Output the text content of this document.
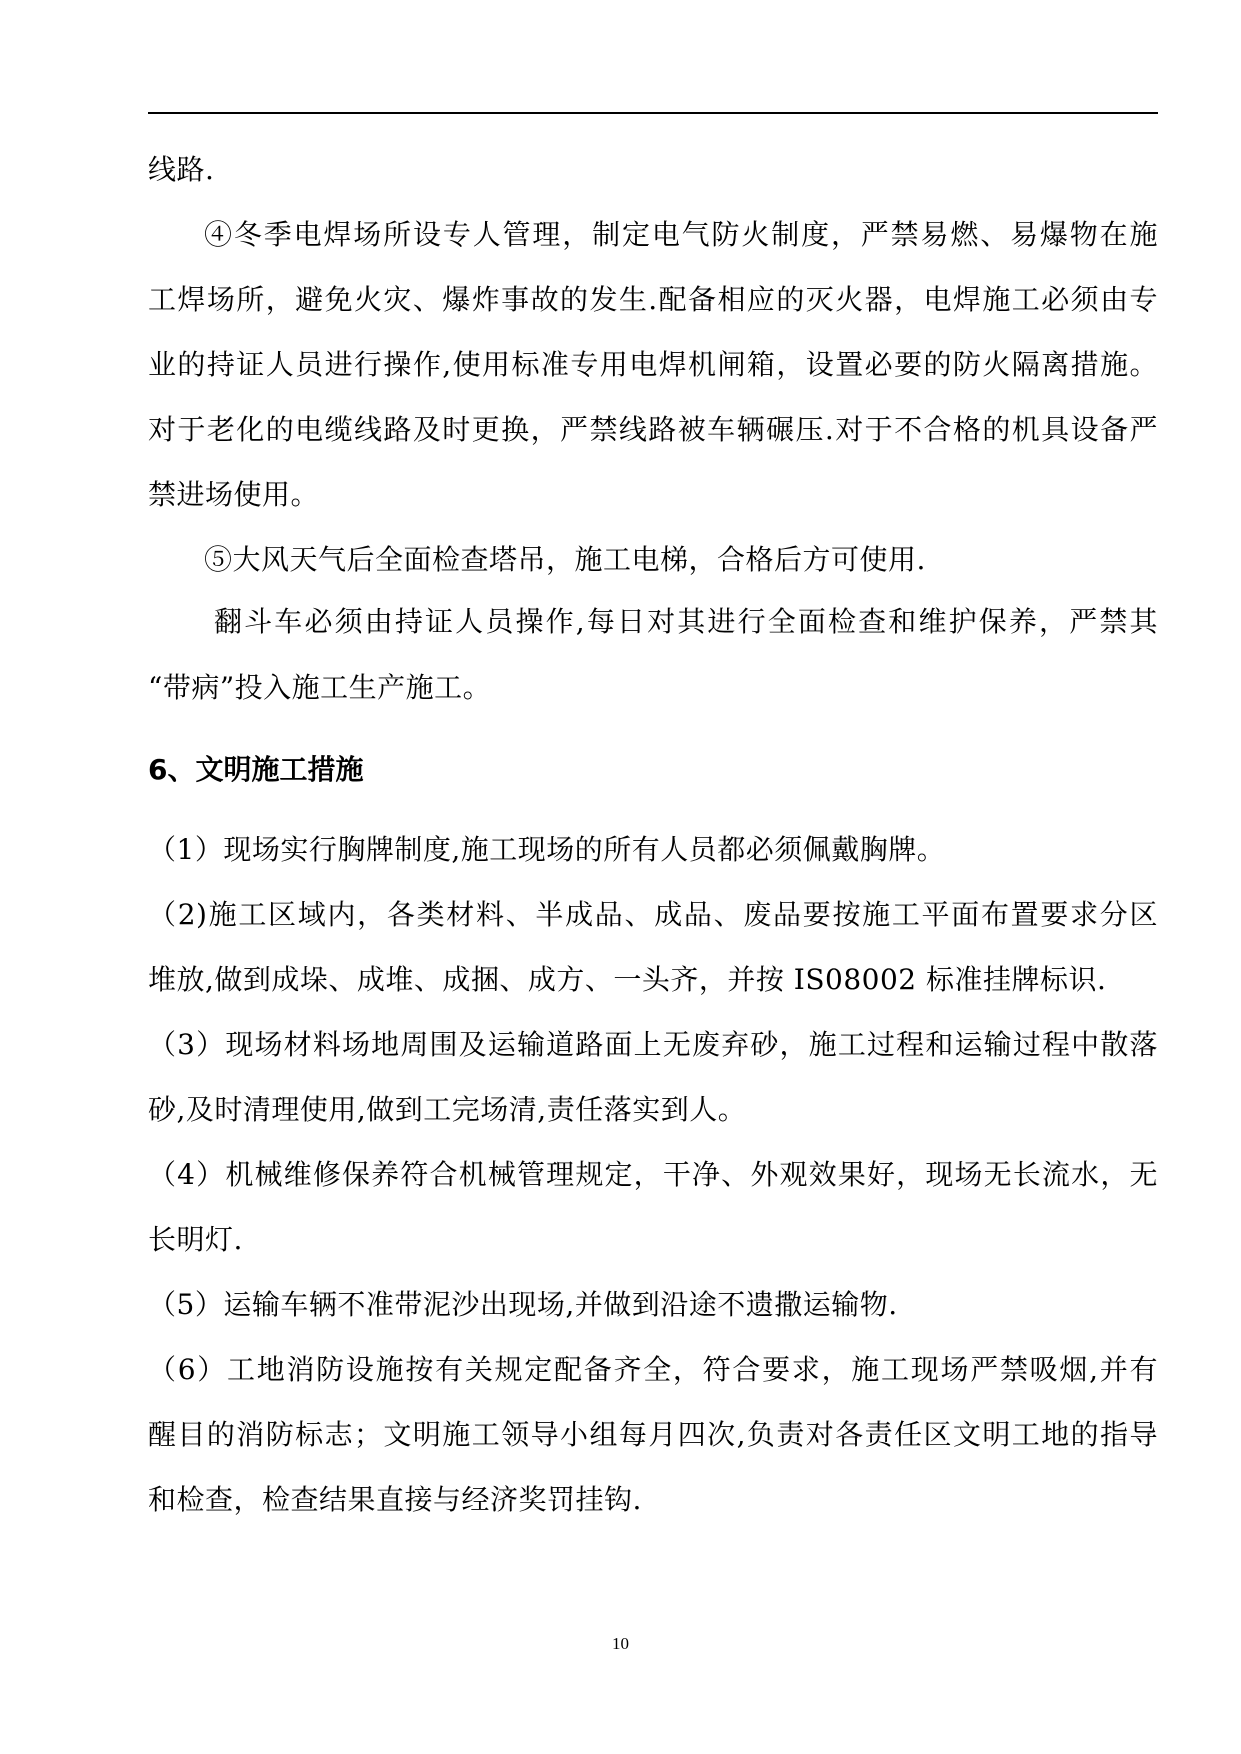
线路.
④冬季电焊场所设专人管理，制定电气防火制度，严禁易燃、易爆物在施
工焊场所，避免火灾、爆炸事故的发生.配备相应的灭火器，电焊施工必须由专
业的持证人员进行操作,使用标准专用电焊机闸箱，设置必要的防火隔离措施。
对于老化的电缆线路及时更换，严禁线路被车辆碾压.对于不合格的机具设备严
禁进场使用。
⑤大风天气后全面检查塔吊，施工电梯，合格后方可使用.
翻斗车必须由持证人员操作,每日对其进行全面检查和维护保养，严禁其
“带病”投入施工生产施工。
6、文明施工措施
（1）现场实行胸牌制度,施工现场的所有人员都必须佩戴胸牌。
（2)施工区域内，各类材料、半成品、成品、废品要按施工平面布置要求分区
堆放,做到成垛、成堆、成捆、成方、一头齐，并按 IS08002 标准挂牌标识.
（3）现场材料场地周围及运输道路面上无废弃砂，施工过程和运输过程中散落
砂,及时清理使用,做到工完场清,责任落实到人。
（4）机械维修保养符合机械管理规定，干净、外观效果好，现场无长流水，无
长明灯.
（5）运输车辆不准带泥沙出现场,并做到沿途不遗撒运输物.
（6）工地消防设施按有关规定配备齐全，符合要求，施工现场严禁吸烟,并有
醒目的消防标志；文明施工领导小组每月四次,负责对各责任区文明工地的指导
和检查，检查结果直接与经济奖罚挂钩.
10
